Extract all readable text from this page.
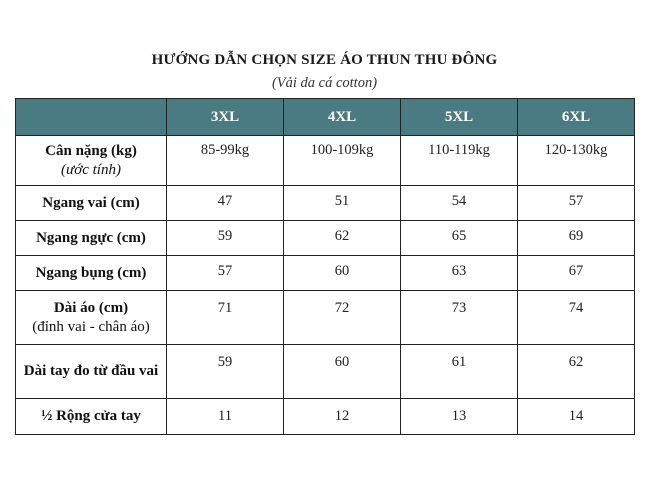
HƯỚNG DẪN CHỌN SIZE ÁO THUN THU ĐÔNG
(Vải da cá cotton)
	3XL	4XL	5XL	6XL
Cân nặng (kg)
(ước tính)	85-99kg	100-109kg	110-119kg	120-130kg
Ngang vai (cm)	47	51	54	57
Ngang ngực (cm)	59	62	65	69
Ngang bụng (cm)	57	60	63	67
Dài áo (cm)
(đỉnh vai - chân áo)	71	72	73	74
Dài tay đo từ đầu vai	59	60	61	62
½ Rộng cửa tay	11	12	13	14
